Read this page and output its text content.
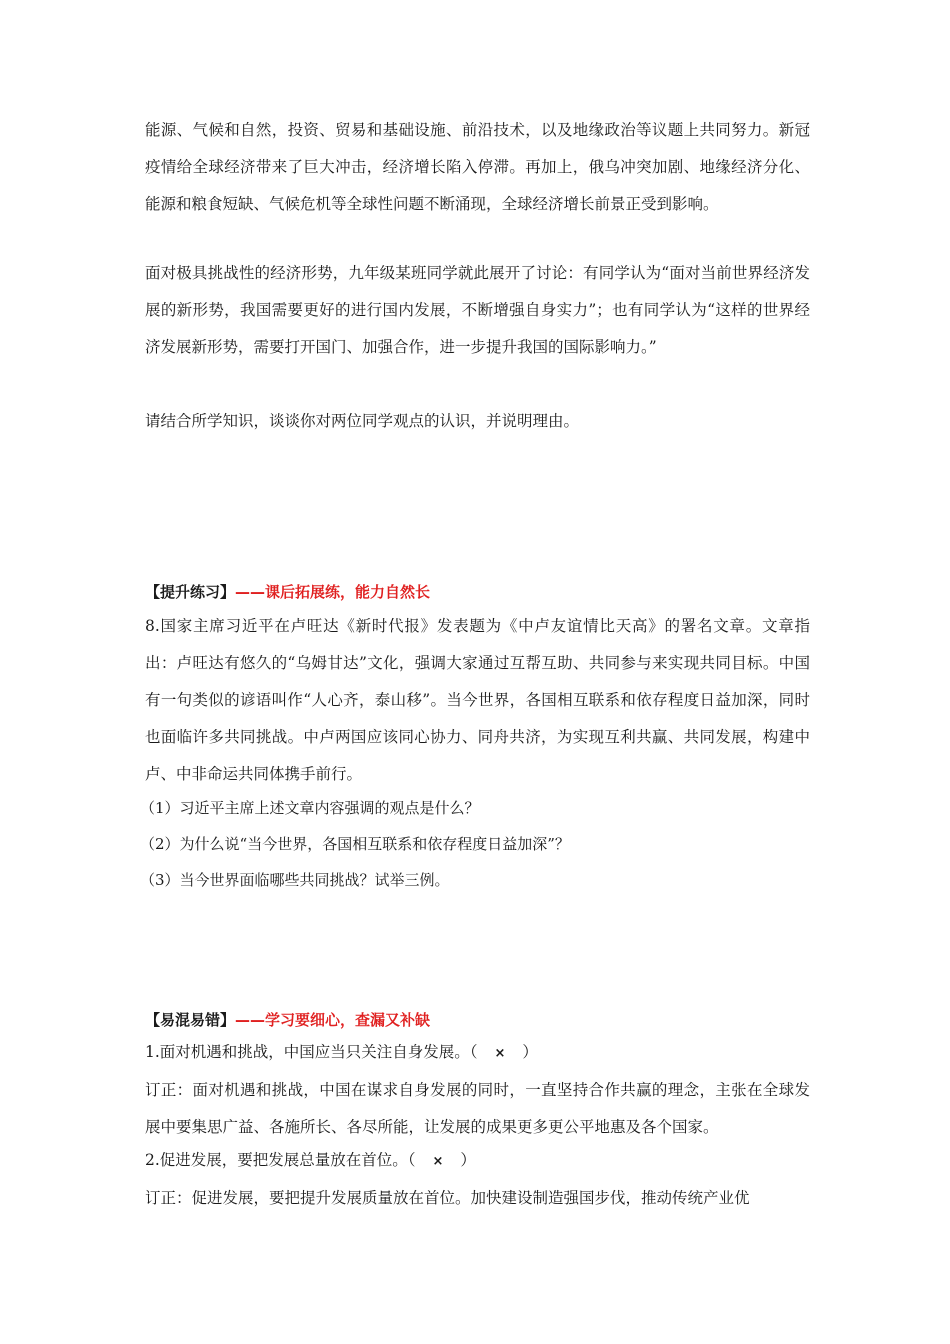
能源、气候和自然，投资、贸易和基础设施、前沿技术，以及地缘政治等议题上共同努力。新冠疫情给全球经济带来了巨大冲击，经济增长陷入停滞。再加上，俄乌冲突加剧、地缘经济分化、能源和粮食短缺、气候危机等全球性问题不断涌现，全球经济增长前景正受到影响。

面对极具挑战性的经济形势，九年级某班同学就此展开了讨论：有同学认为“面对当前世界经济发展的新形势，我国需要更好的进行国内发展，不断增强自身实力”；也有同学认为“这样的世界经济发展新形势，需要打开国门、加强合作，进一步提升我国的国际影响力。”

请结合所学知识，谈谈你对两位同学观点的认识，并说明理由。

【提升练习】——课后拓展练，能力自然长

8.国家主席习近平在卢旺达《新时代报》发表题为《中卢友谊情比天高》的署名文章。文章指出：卢旺达有悠久的“乌姆甘达”文化，强调大家通过互帮互助、共同参与来实现共同目标。中国有一句类似的谚语叫作“人心齐，泰山移”。当今世界，各国相互联系和依存程度日益加深，同时也面临许多共同挑战。中卢两国应该同心协力、同舟共济，为实现互利共赢、共同发展，构建中卢、中非命运共同体携手前行。

（1）习近平主席上述文章内容强调的观点是什么？

（2）为什么说“当今世界，各国相互联系和依存程度日益加深”？

（3）当今世界面临哪些共同挑战？试举三例。

【易混易错】——学习要细心，查漏又补缺
1.面对机遇和挑战，中国应当只关注自身发展。（ × ）

订正：面对机遇和挑战，中国在谋求自身发展的同时，一直坚持合作共赢的理念，主张在全球发展中要集思广益、各施所长、各尽所能，让发展的成果更多更公平地惠及各个国家。

2.促进发展，要把发展总量放在首位。（ × ）

订正：促进发展，要把提升发展质量放在首位。加快建设制造强国步伐，推动传统产业优
